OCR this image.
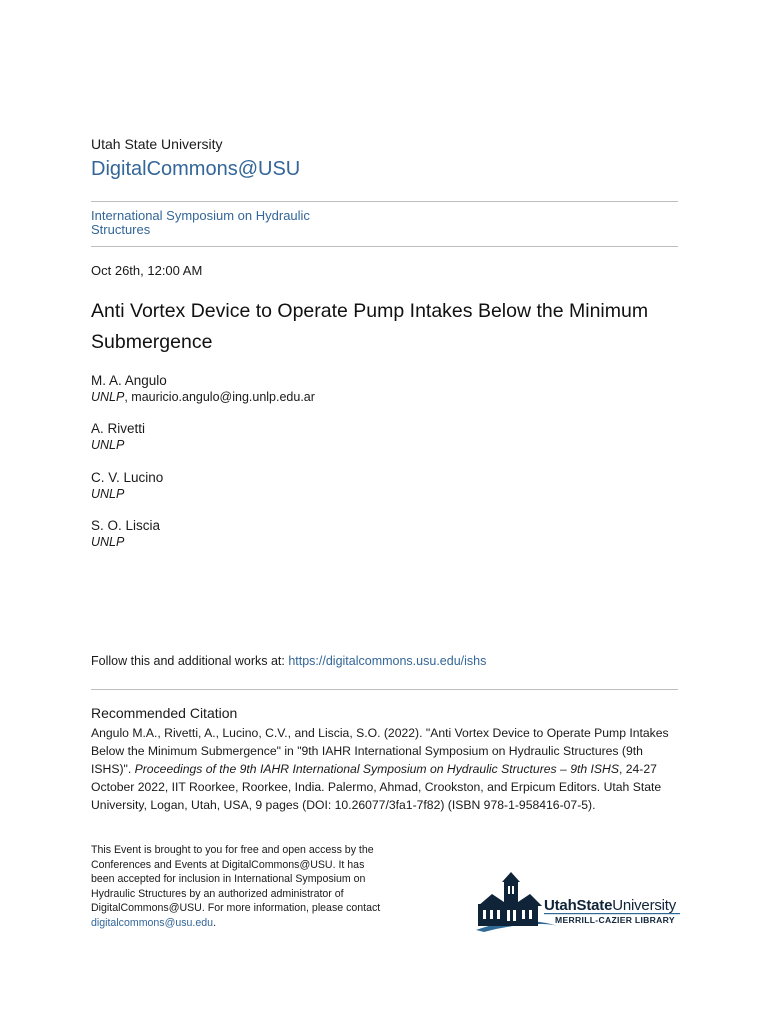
Utah State University
DigitalCommons@USU
International Symposium on Hydraulic Structures
Oct 26th, 12:00 AM
Anti Vortex Device to Operate Pump Intakes Below the Minimum Submergence
M. A. Angulo
UNLP, mauricio.angulo@ing.unlp.edu.ar
A. Rivetti
UNLP
C. V. Lucino
UNLP
S. O. Liscia
UNLP
Follow this and additional works at: https://digitalcommons.usu.edu/ishs
Recommended Citation
Angulo M.A., Rivetti, A., Lucino, C.V., and Liscia, S.O. (2022). "Anti Vortex Device to Operate Pump Intakes Below the Minimum Submergence" in "9th IAHR International Symposium on Hydraulic Structures (9th ISHS)". Proceedings of the 9th IAHR International Symposium on Hydraulic Structures – 9th ISHS, 24-27 October 2022, IIT Roorkee, Roorkee, India. Palermo, Ahmad, Crookston, and Erpicum Editors. Utah State University, Logan, Utah, USA, 9 pages (DOI: 10.26077/3fa1-7f82) (ISBN 978-1-958416-07-5).
This Event is brought to you for free and open access by the Conferences and Events at DigitalCommons@USU. It has been accepted for inclusion in International Symposium on Hydraulic Structures by an authorized administrator of DigitalCommons@USU. For more information, please contact digitalcommons@usu.edu.
UtahStateUniversity
MERRILL-CAZIER LIBRARY
